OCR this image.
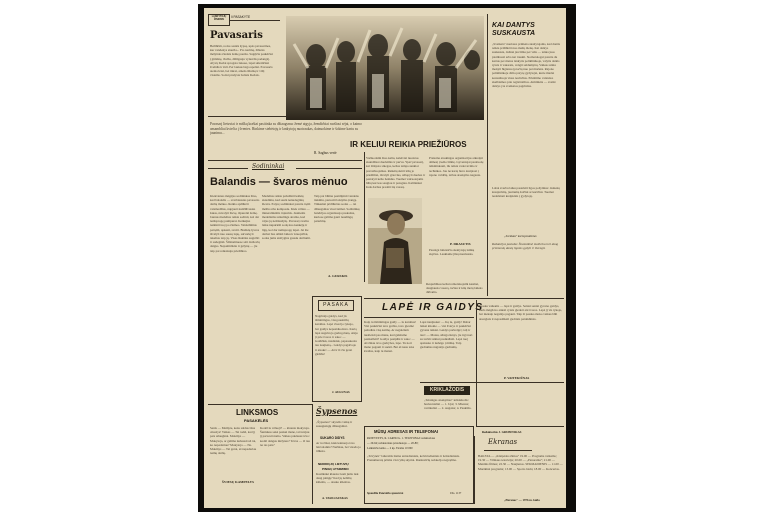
LANKYTOJŲ
ŽINIOMS
Ii PASAKYTE
Pavasaris
Bežiūrim, rodos saulės šypsą, upės pavasarines, kur vandenys siaučia... Pro nerimą, žibutės mėlynais žiedais žemę puošia. Sugrįžta paukščiai į gimtinę, čiulba, džiūgauja vyturėlis padangėj. Alyvų žiedai sprogsta šakose, lapai skleidžiasi švelnūs ir žali. Per laukus bėga upeliai. Pavasaris ateina lėtai, bet tikrai, atneša šilumą ir viltį visiems. Sodai pražysta baltais žiedais.
Pavasarį lietuviai ir miškų kraštai pasitinka su džiaugsmu: žemė atgyja, žemdirbiai ruošiasi sėjai, o kaimo ansambliai kviečia į šventes. Rinkime stebėtojų ir lankytojų nuotraukas, dainuokime ir šokime kartu su jaunimu...
R. Saghus vertė
IR KELIUI REIKIA PRIEŽIŪROS
Važiuodami šiuo keliu, keleiviai nuolatos skundžiasi duobėmis ir purvu. Ypač pavasarį, kai ištirpsta sniegas, kelias tampa sunkiai pravažiuojamas. Reikėtų skirti lėšų jo priežiūrai, išvalyti griovius, užlopyti duobes ir pastatyti kelio ženklus. Tuomet vairuotojams būtų kur kas saugiau ir patogiau. Kelininkai žada darbus pradėti šią vasarą.
Prašome atsakingas organizacijas atkreipti dėmesį į kelio būklę. Gyventojai pasiruošę talkininkauti, tik reikia vadovavimo ir technikos. Jau ne kartą buvo kreiptasi į rajono valdžią, tačiau atsakymo negauta.
P. DRASUTIS
Parengė laikraščio skaitytojų laiškų skyrius. Laukiame jūsų nuomonės.
Respublikos keliai remontuojami kasmet, daugiausia vasarą, tačiau ir kitų metų laikais dirbama.
KAI DANTYS
SUSKAUSTA
„Sveikata" nuolatos primena skaitytojams, kad dantis reikia prižiūrėti nuo mažų dienų. Kai dantys suskausta, dažnai jau būna per vėlu — tenka juos plombuoti arba net traukti. Stomatologai pataria du kartus per metus lankytis poliklinikoje, valytis dantis rytais ir vakarais, vengti saldumynų. Vaikus reikia mokyti higienos įpročių nuo pat mažens. Rajono poliklinikoje dirba patyrę gydytojai, kurie mielai konsultuoja visus norinčius. Priėmimo valandos skelbiamos prie registratūros. Atminkite — sveiki dantys yra sveikatos pagrindas.
Labai svarbu laiku pastebėti ligos požymius: dantenų kraujavimą, jautrumą šalčiui ar karščiui. Tuomet nedelsiant kreipkitės į gydytoją.
„Sveikata" korespondentas
Redakcijos pastaba: Šiuolaikinė medicina turi daug priemonių dantų ligoms gydyti ir išvengti.
Sodininkai
Balandis — švaros mėnuo
Kiekvienas mėgėjas sodininkas žino, kad balandis — svarbiausias pavasario darbų mėnuo. Reikia apžiūrėti vaismedžius, nupjauti nudžiūvusias šakas, nuvalyti žievę, išpurenti žemę. Jaunus medelius reikia sodinti, kol dar neišsprogę pumpurai. Kenkėjus naikinti tuoj po žiemos. Vaiskrūmius patręšti, apkasti, ravėti. Braškių lysves išvalyti nuo sausų lapų, sutvarkyti takelius tarp jų. Visas šiukšles sugrėbti ir sudeginti. Šiltnamiuose sėti daržovių daigus. Nepamirškite ir gėlynų — jie taip pat reikalauja priežiūros.
Medelius reikia pabaltinti kalkių skiediniu, kad saulė nenudegintų žievės. Patyrę sodininkai pataria tręšti mėšlu arba kompostu. Kiek vėliau — mineralinėmis trąšomis. Jauniems medeliams reikalinga atrama, kad vėjas jų neišlaužytų. Pavasarį svarbu laiku nupurkšti sodą nuo kenkėjų ir ligų, kol dar neišsprogę lapai. Jei šie darbai bus atlikti laiku ir kruopščiai, sodas jums atsilygins gausiu derliumi.
Taip pat būtina pasirūpinti vandens tiekimu, paruošti laistymo įrangą. Tinkamai prižiūrėtas sodas — tai džiaugsmas visai šeimai. Sodininkų bendrijos organizuoja paskaitas, kuriose galima gauti naudingų patarimų.
A. GURSKIS
PASAKA
Nagrinėja gaidys, kad jis išmintingas, visų paukščių karalius. Lapė visad jo tykojo, bet gaidys nepasiduodavo. Kartą lapė sugalvojo gudrų planą. Atėjo ji prie tvoros ir sako: — Gaidžiuk, nusileisk, papasakosiu tau naujieną... Gaidys pagalvojo ir atsakė: — Aš ir iš čia gerai girdžiu!
J. AUGUNAS
LAPĖ IR GAIDYS
Kaip tu išmintingas gaidy — tu karalius! Visi paukščiai tave gerbia, tavo giesmė pažadina visą kaimą. Ar negalėtum nusileisti pas mane, kad galėtume pasikalbėti? Gaidys pasipūtė ir sako: — Aš žinau tavo gudrybes, lape. Tu nori mane pagauti ir suėsti. Bet aš nesu toks kvailas, kaip tu manai.
Lapė nusijuokė: — Ką tu, gaidy! Dabar laikai kitokie — visi žvėrys ir paukščiai gyvena taikiai. Gaidys pažvelgė į tolį ir tarė: — Matau, atbėga šunys, jie irgi nori su tavim taikiai pasikalbėti. Lapė tuoj apsisuko ir nubėgo į mišką. Taip gudrumas nugalėjo gudrumą.
Pasaka vaikams — lapė ir gaidys. Seniai seniai gyveno gaidys, kuris mėgdavo anksti rytais giedoti ant tvoros. Lapė jį vis tykojo, bet niekaip negalėjo pagauti. Taip ši pasaka moko vaikus būti atsargiais ir nepasitikėti gudriais pataikūnais.
P. VAITEKIŪNAS
KRIKLAŽODIS
„Teisingas atsakymas" kriklažodis: horizontaliai — 1. Upė; 3. Miestas; vertikaliai — 2. Augalas; 4. Paukštis.
Redaktorius J. GRUBINSKAS
LINKSMOS
PASAKĖLĖS
Senis — Mamyte, koks saldus šitas obuolys! Vaikas — Tai todėl, kad jį pats užauginai. Mokinys — Mokytoja, ar galima nubausti už tai, ko nepadariau? Mokytoja — Ne. Mokinys — Tai gerai, aš nepadariau namų darbų.
Kodėl tu vėluoji? — klausia mokytoja. Šuniukas sekė paskui mane, tai turėjau jį parvesti namo. Vaikas paklausė tėvo: kodėl dangus mėlynas? Tėvas — O tau ne tas pats?
ŠVIESŲ KAMPELYS
Šypsenos
„Šypsenos" skyrelis vaikų ir suaugusiųjų džiaugsmui.
SUKARO DIDYS
Ar tu žinai, kiek kainuoja tavo laisvalaikis? Nežinau, bet visada jo trūksta.
NEDIDIŲJŲ LIETUVIŲ
PINIGŲ ATSIIMIMO
Kasininkė klausia: kam jums tiek daug pinigų? Kad jų nebūtų kitiems, — atsako klientas.
A. VASILIAUSKAS
MŪSŲ ADRESAS IR TELEFONAI
PANEVĖŽYS, R. CARNO G. 1. TELEFONAI: redaktoriaus
— 20-64; redaktoriaus pavaduotojo — 20-80;
Laikraščio kaina — 2 kp. Tiražas 10 000
„Tėvynės" laikraštis išeina antradieniais, ketvirtadieniais ir šeštadieniais. Prenumeratą priima visi ryšių skyriai. Rankraščių redakcija negrąžina.
Spaudžia Panevėžio spaustuvė	Užs. 1137
Ekranas
BAKSTA — „Klaipėdos žinios" 19.00 — Programa vaikams; 19.30 — Vilniaus televizija; 20.00 — „Panorama"; 21.00 — Meninis filmas; 22.30 — Naujienos. SEKMADIENIS — 11.00 — Muzikinė programa; 13.00 — Sporto laida; 18.00 — Koncertas.
„Ekranas" — 1976 m. laida
